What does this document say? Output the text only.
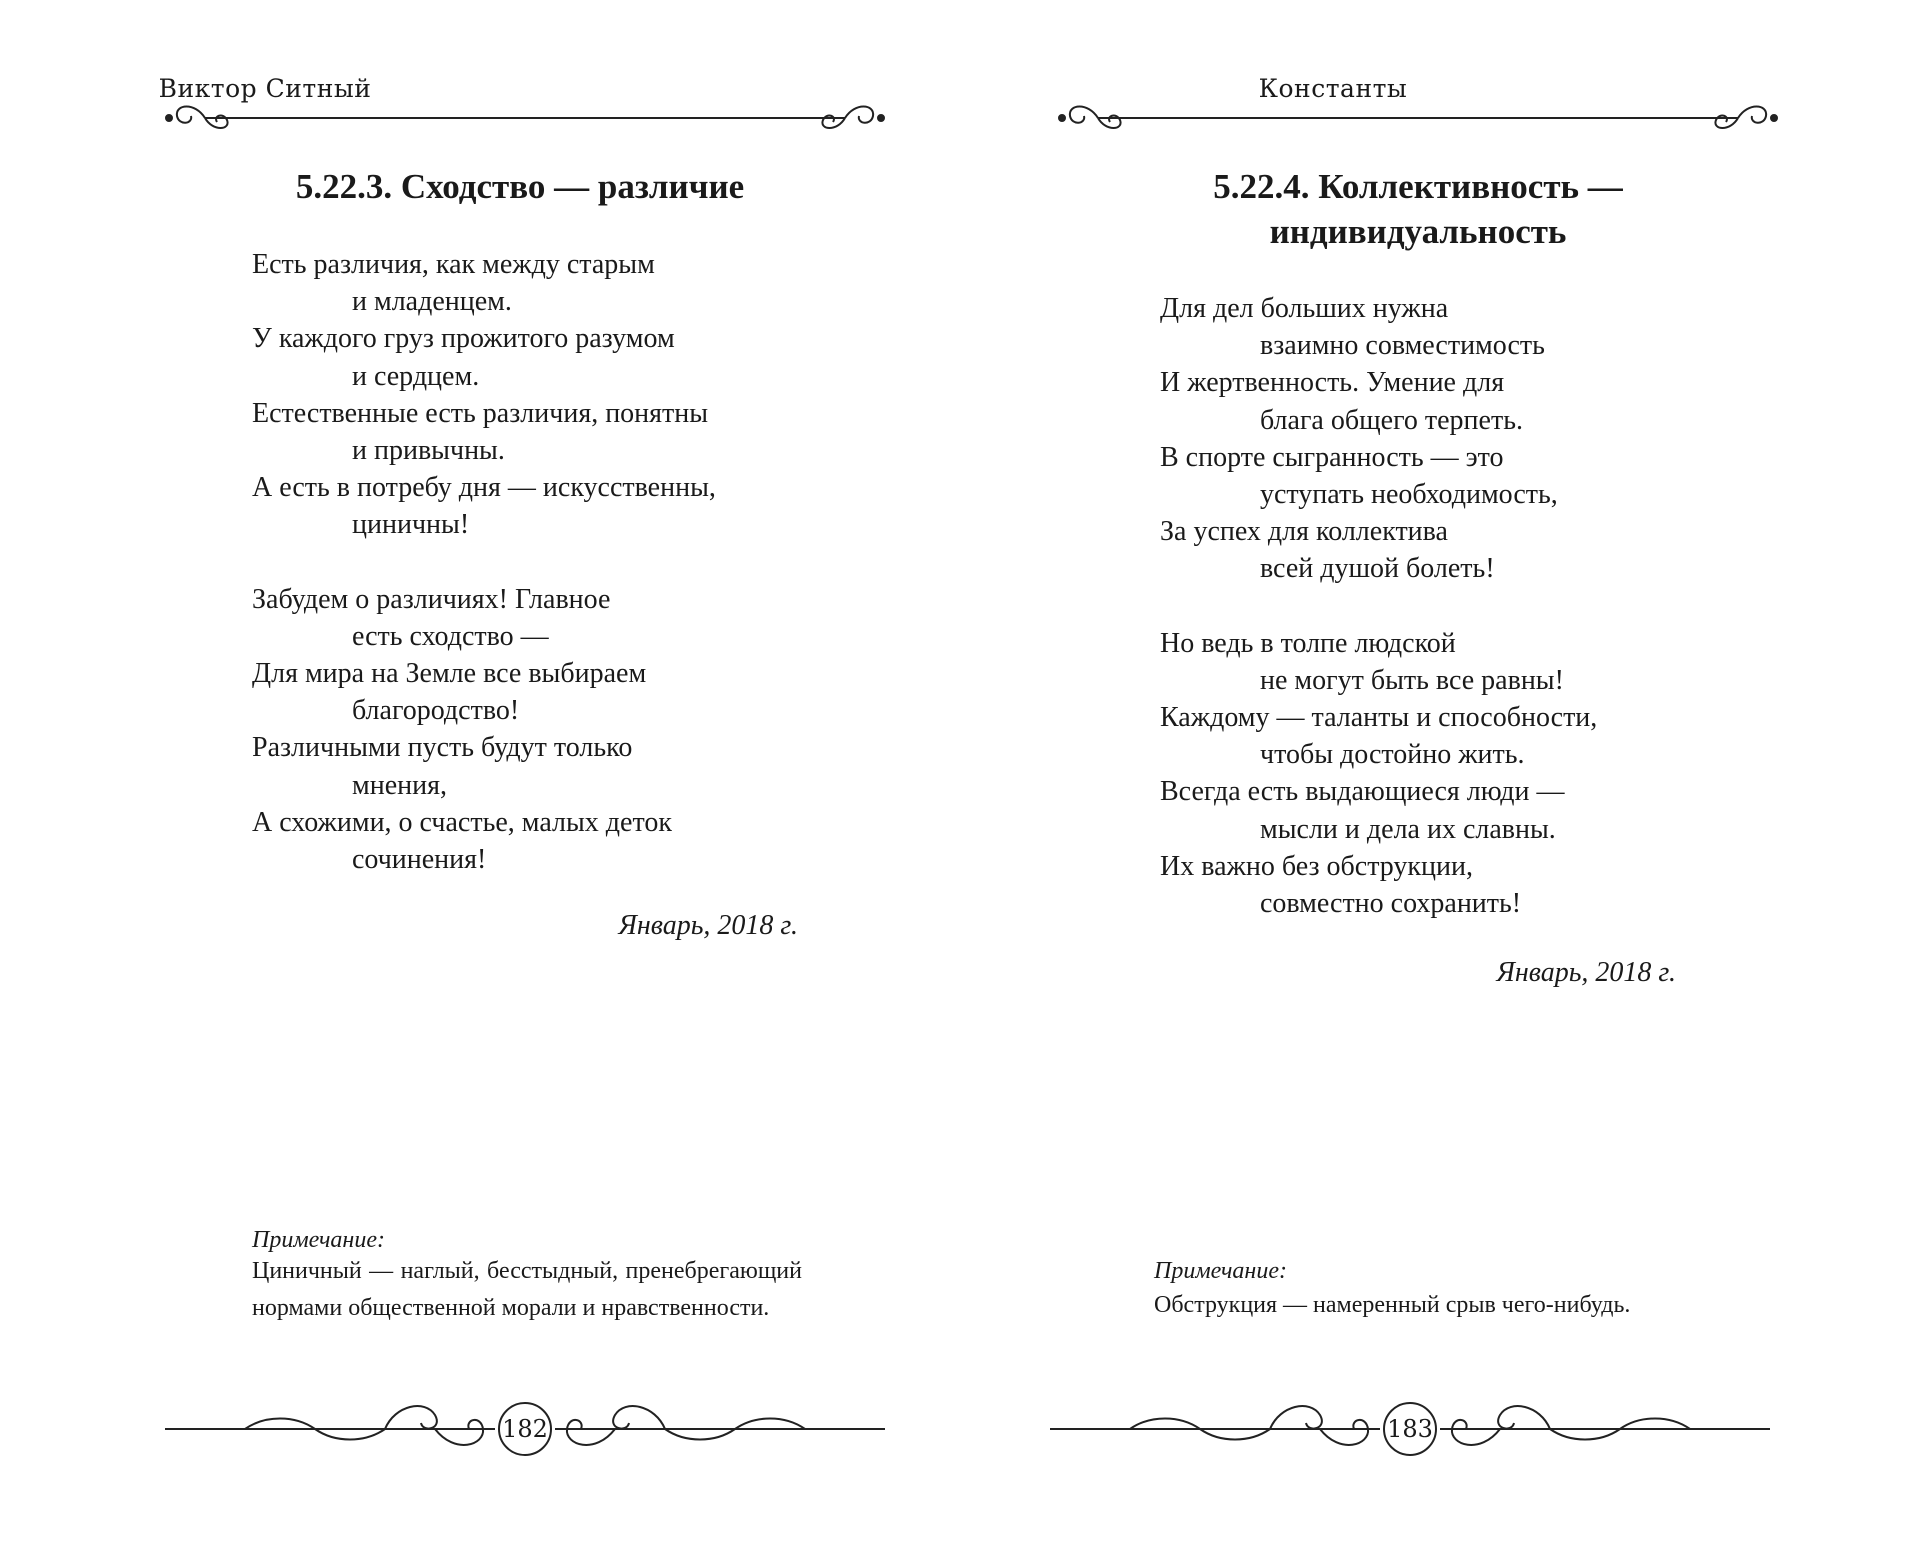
Виктор Ситный
5.22.3. Сходство — различие
Есть различия, как между старым
и младенцем.
У каждого груз прожитого разумом
и сердцем.
Естественные есть различия, понятны
и привычны.
А есть в потребу дня — искусственны,
циничны!
Забудем о различиях! Главное
есть сходство —
Для мира на Земле все выбираем
благородство!
Различными пусть будут только
мнения,
А схожими, о счастье, малых деток
сочинения!
Январь, 2018 г.
Примечание:
Циничный — наглый, бесстыдный, пренебрегающий нормами общественной морали и нравственности.
182
Константы
5.22.4. Коллективность —
индивидуальность
Для дел больших нужна
взаимно совместимость
И жертвенность. Умение для
блага общего терпеть.
В спорте сыгранность — это
уступать необходимость,
За успех для коллектива
всей душой болеть!
Но ведь в толпе людской
не могут быть все равны!
Каждому — таланты и способности,
чтобы достойно жить.
Всегда есть выдающиеся люди —
мысли и дела их славны.
Их важно без обструкции,
совместно сохранить!
Январь, 2018 г.
Примечание:
Обструкция — намеренный срыв чего-нибудь.
183
